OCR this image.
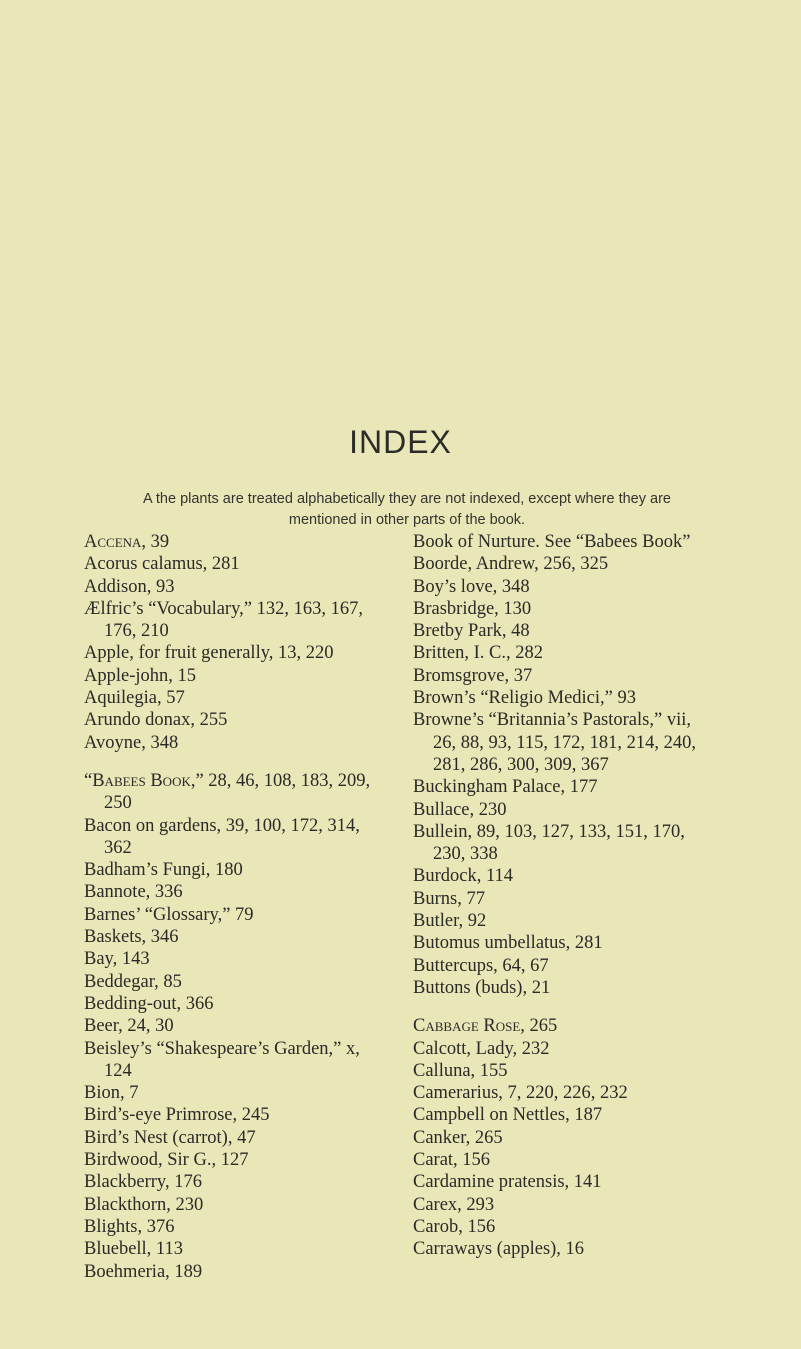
INDEX
A the plants are treated alphabetically they are not indexed, except where they are mentioned in other parts of the book.
Accena, 39
Acorus calamus, 281
Addison, 93
Ælfric’s “Vocabulary,” 132, 163, 167, 176, 210
Apple, for fruit generally, 13, 220
Apple-john, 15
Aquilegia, 57
Arundo donax, 255
Avoyne, 348
“Babees Book,” 28, 46, 108, 183, 209, 250
Bacon on gardens, 39, 100, 172, 314, 362
Badham’s Fungi, 180
Bannote, 336
Barnes’ “Glossary,” 79
Baskets, 346
Bay, 143
Beddegar, 85
Bedding-out, 366
Beer, 24, 30
Beisley’s “Shakespeare’s Garden,” x, 124
Bion, 7
Bird’s-eye Primrose, 245
Bird’s Nest (carrot), 47
Birdwood, Sir G., 127
Blackberry, 176
Blackthorn, 230
Blights, 376
Bluebell, 113
Boehmeria, 189
Book of Nurture. See “Babees Book”
Boorde, Andrew, 256, 325
Boy’s love, 348
Brasbridge, 130
Bretby Park, 48
Britten, I. C., 282
Bromsgrove, 37
Brown’s “Religio Medici,” 93
Browne’s “Britannia’s Pastorals,” vii, 26, 88, 93, 115, 172, 181, 214, 240, 281, 286, 300, 309, 367
Buckingham Palace, 177
Bullace, 230
Bullein, 89, 103, 127, 133, 151, 170, 230, 338
Burdock, 114
Burns, 77
Butler, 92
Butomus umbellatus, 281
Buttercups, 64, 67
Buttons (buds), 21
Cabbage Rose, 265
Calcott, Lady, 232
Calluna, 155
Camerarius, 7, 220, 226, 232
Campbell on Nettles, 187
Canker, 265
Carat, 156
Cardamine pratensis, 141
Carex, 293
Carob, 156
Carraways (apples), 16
